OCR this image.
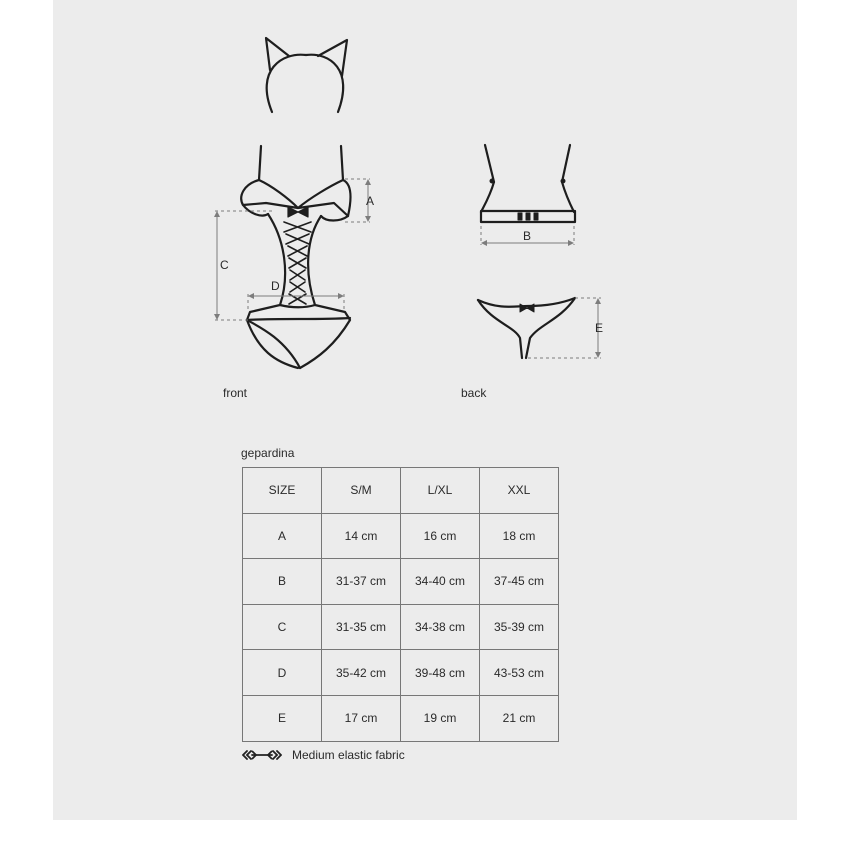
A
C
D
B
E
front	back
gepardina
SIZE	S/M	L/XL	XXL
A	14 cm	16 cm	18 cm
B	31-37 cm	34-40 cm	37-45 cm
C	31-35 cm	34-38 cm	35-39 cm
D	35-42 cm	39-48 cm	43-53 cm
E	17 cm	19 cm	21 cm
Medium elastic fabric
